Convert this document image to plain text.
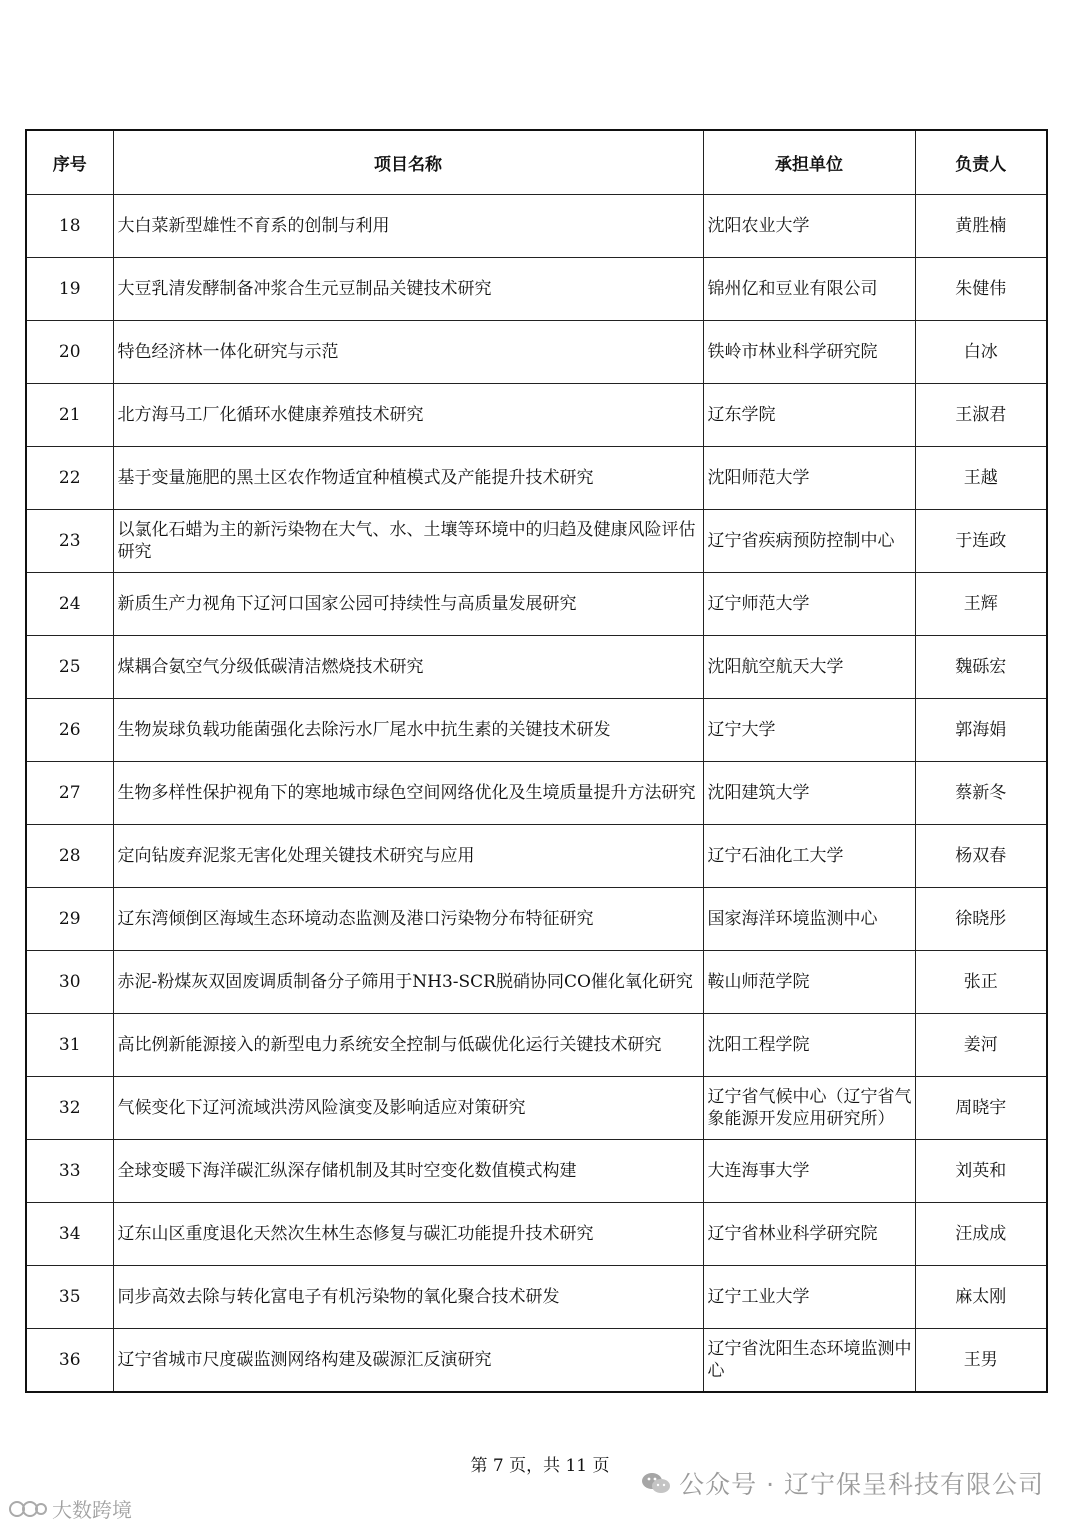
序号	项目名称	承担单位	负责人
18	大白菜新型雄性不育系的创制与利用	沈阳农业大学	黄胜楠
19	大豆乳清发酵制备冲浆合生元豆制品关键技术研究	锦州亿和豆业有限公司	朱健伟
20	特色经济林一体化研究与示范	铁岭市林业科学研究院	白冰
21	北方海马工厂化循环水健康养殖技术研究	辽东学院	王淑君
22	基于变量施肥的黑土区农作物适宜种植模式及产能提升技术研究	沈阳师范大学	王越
23	以氯化石蜡为主的新污染物在大气、水、土壤等环境中的归趋及健康风险评估研究	辽宁省疾病预防控制中心	于连政
24	新质生产力视角下辽河口国家公园可持续性与高质量发展研究	辽宁师范大学	王辉
25	煤耦合氨空气分级低碳清洁燃烧技术研究	沈阳航空航天大学	魏砾宏
26	生物炭球负载功能菌强化去除污水厂尾水中抗生素的关键技术研发	辽宁大学	郭海娟
27	生物多样性保护视角下的寒地城市绿色空间网络优化及生境质量提升方法研究	沈阳建筑大学	蔡新冬
28	定向钻废弃泥浆无害化处理关键技术研究与应用	辽宁石油化工大学	杨双春
29	辽东湾倾倒区海域生态环境动态监测及港口污染物分布特征研究	国家海洋环境监测中心	徐晓彤
30	赤泥-粉煤灰双固废调质制备分子筛用于NH3-SCR脱硝协同CO催化氧化研究	鞍山师范学院	张正
31	高比例新能源接入的新型电力系统安全控制与低碳优化运行关键技术研究	沈阳工程学院	姜河
32	气候变化下辽河流域洪涝风险演变及影响适应对策研究	辽宁省气候中心（辽宁省气象能源开发应用研究所）	周晓宇
33	全球变暖下海洋碳汇纵深存储机制及其时空变化数值模式构建	大连海事大学	刘英和
34	辽东山区重度退化天然次生林生态修复与碳汇功能提升技术研究	辽宁省林业科学研究院	汪成成
35	同步高效去除与转化富电子有机污染物的氧化聚合技术研发	辽宁工业大学	麻太刚
36	辽宁省城市尺度碳监测网络构建及碳源汇反演研究	辽宁省沈阳生态环境监测中心	王男
第 7 页，共 11 页
公众号 · 辽宁保呈科技有限公司
大数跨境
